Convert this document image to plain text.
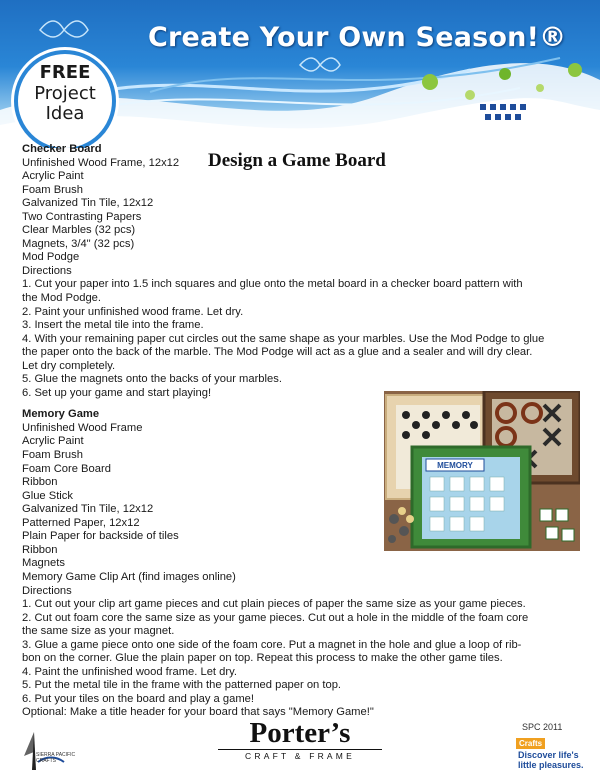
Create Your Own Season!®
FREE
Project
Idea
Design a Game Board
Checker Board
Unfinished Wood Frame, 12x12
Acrylic Paint
Foam Brush
Galvanized Tin Tile, 12x12
Two Contrasting Papers
Clear Marbles (32 pcs)
Magnets, 3/4" (32 pcs)
Mod Podge
Directions
1. Cut your paper into 1.5 inch squares and glue onto the metal board in a checker board pattern with
the Mod Podge.
2. Paint your unfinished wood frame. Let dry.
3. Insert the metal tile into the frame.
4. With your remaining paper cut circles out the same shape as your marbles. Use the Mod Podge to glue
the paper onto the back of the marble. The Mod Podge will act as a glue and a sealer and will dry clear.
Let dry completely.
5. Glue the magnets onto the backs of your marbles.
6. Set up your game and start playing!
Memory Game
Unfinished Wood Frame
Acrylic Paint
Foam Brush
Foam Core Board
Ribbon
Glue Stick
Galvanized Tin Tile, 12x12
Patterned Paper, 12x12
Plain Paper for backside of tiles
Ribbon
Magnets
Memory Game Clip Art (find images online)
Directions
1. Cut out your clip art game pieces and cut plain pieces of paper the same size as your game pieces.
2. Cut out foam core the same size as your game pieces. Cut out a hole in the middle of the foam core
the same size as your magnet.
3. Glue a game piece onto one side of the foam core. Put a magnet in the hole and glue a loop of rib-
bon on the corner. Glue the plain paper on top. Repeat this process to make the other game tiles.
4. Paint the unfinished wood frame. Let dry.
5. Put the metal tile in the frame with the patterned paper on top.
6. Put your tiles on the board and play a game!
Optional: Make a title header for your board that says "Memory Game!"
MEMORY
SPC 2011
SIERRA PACIFIC
CRAFTS
Porter’s
CRAFT & FRAME
Crafts
Discover life's little pleasures.
